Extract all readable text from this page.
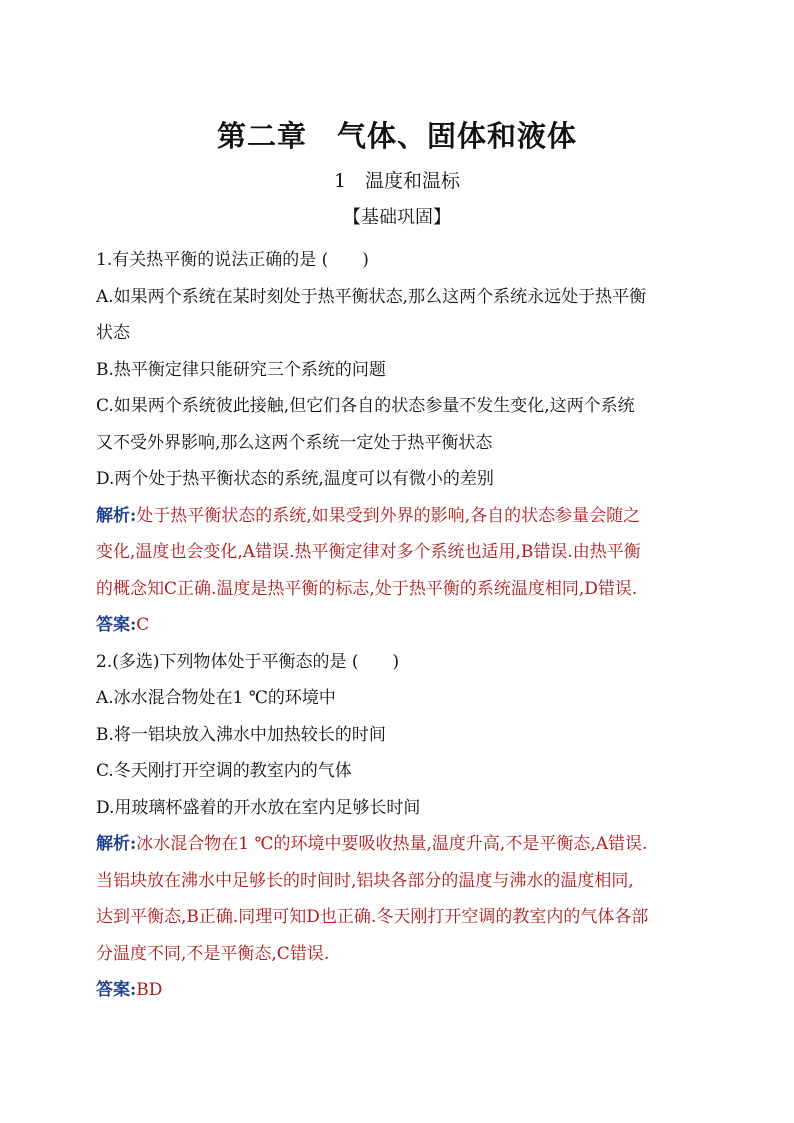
第二章　气体、固体和液体
1　温度和温标
【基础巩固】
1.有关热平衡的说法正确的是 (　　)
A.如果两个系统在某时刻处于热平衡状态,那么这两个系统永远处于热平衡
状态
B.热平衡定律只能研究三个系统的问题
C.如果两个系统彼此接触,但它们各自的状态参量不发生变化,这两个系统
又不受外界影响,那么这两个系统一定处于热平衡状态
D.两个处于热平衡状态的系统,温度可以有微小的差别
解析:处于热平衡状态的系统,如果受到外界的影响,各自的状态参量会随之
变化,温度也会变化,A错误.热平衡定律对多个系统也适用,B错误.由热平衡
的概念知C正确.温度是热平衡的标志,处于热平衡的系统温度相同,D错误.
答案:C
2.(多选)下列物体处于平衡态的是 (　　)
A.冰水混合物处在1 ℃的环境中
B.将一铝块放入沸水中加热较长的时间
C.冬天刚打开空调的教室内的气体
D.用玻璃杯盛着的开水放在室内足够长时间
解析:冰水混合物在1 ℃的环境中要吸收热量,温度升高,不是平衡态,A错误.
当铝块放在沸水中足够长的时间时,铝块各部分的温度与沸水的温度相同,
达到平衡态,B正确.同理可知D也正确.冬天刚打开空调的教室内的气体各部
分温度不同,不是平衡态,C错误.
答案:BD
